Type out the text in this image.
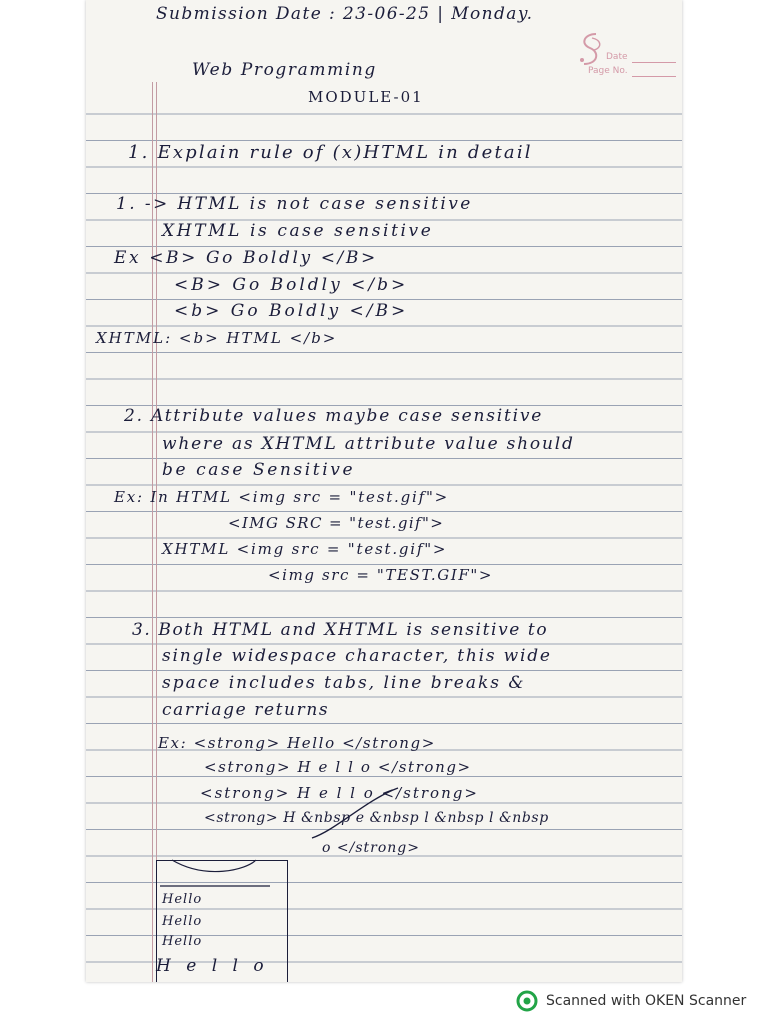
Date
Page No.
Submission Date : 23-06-25 | Monday.
Web Programming
MODULE-01
1. Explain rule of (x)HTML in detail
1. -> HTML is not case sensitive
XHTML is case sensitive
Ex <B> Go Boldly </B>
<B> Go Boldly </b>
<b> Go Boldly </B>
XHTML: <b> HTML </b>
2. Attribute values maybe case sensitive
where as XHTML attribute value should
be case Sensitive
Ex: In HTML <img src = "test.gif">
<IMG SRC = "test.gif">
XHTML <img src = "test.gif">
<img src = "TEST.GIF">
3. Both HTML and XHTML is sensitive to
single widespace character, this wide
space includes tabs, line breaks &
carriage returns
Ex: <strong> Hello </strong>
<strong> H e l l o </strong>
<strong> H e l l o </strong>
<strong> H &nbsp e &nbsp l &nbsp l &nbsp
o </strong>
Hello
Hello
Hello
H e l l o
Scanned with OKEN Scanner
